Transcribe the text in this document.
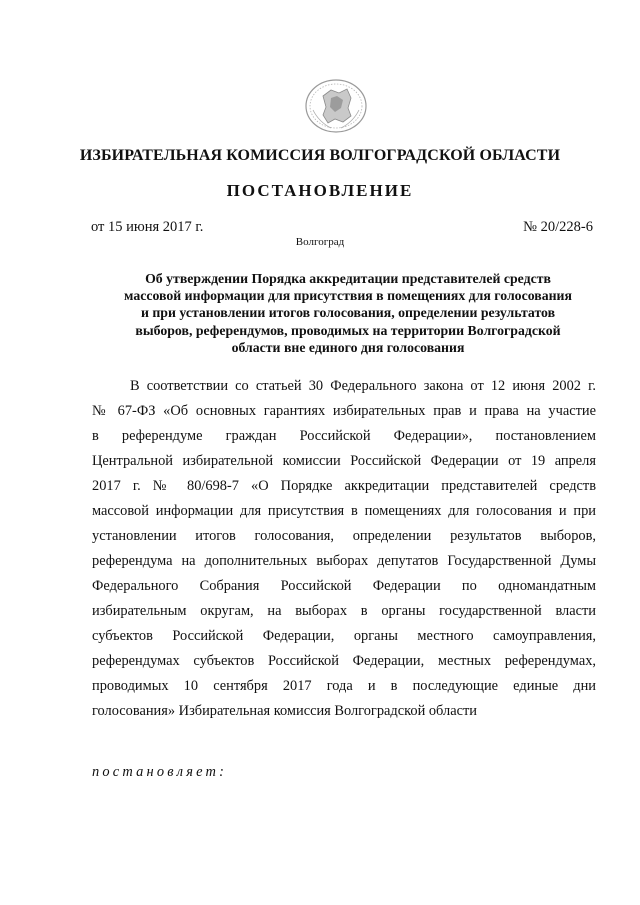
ИЗБИРАТЕЛЬНАЯ КОМИССИЯ ВОЛГОГРАДСКОЙ ОБЛАСТИ
ПОСТАНОВЛЕНИЕ
от 15 июня 2017 г.	№ 20/228-6
Волгоград
Об утверждении Порядка аккредитации представителей средств
массовой информации для присутствия в помещениях для голосования
и при установлении итогов голосования, определении результатов
выборов, референдумов, проводимых на территории Волгоградской
области вне единого дня голосования
В соответствии со статьей 30 Федерального закона от 12 июня 2002 г.
№ 67-ФЗ «Об основных гарантиях избирательных прав и права на участие
в референдуме граждан Российской Федерации», постановлением
Центральной избирательной комиссии Российской Федерации от 19 апреля
2017 г. № 80/698-7 «О Порядке аккредитации представителей средств
массовой информации для присутствия в помещениях для голосования и при
установлении итогов голосования, определении результатов выборов,
референдума на дополнительных выборах депутатов Государственной Думы
Федерального Собрания Российской Федерации по одномандатным
избирательным округам, на выборах в органы государственной власти
субъектов Российской Федерации, органы местного самоуправления,
референдумах субъектов Российской Федерации, местных референдумах,
проводимых 10 сентября 2017 года и в последующие единые дни
голосования» Избирательная комиссия Волгоградской области
постановляет:
